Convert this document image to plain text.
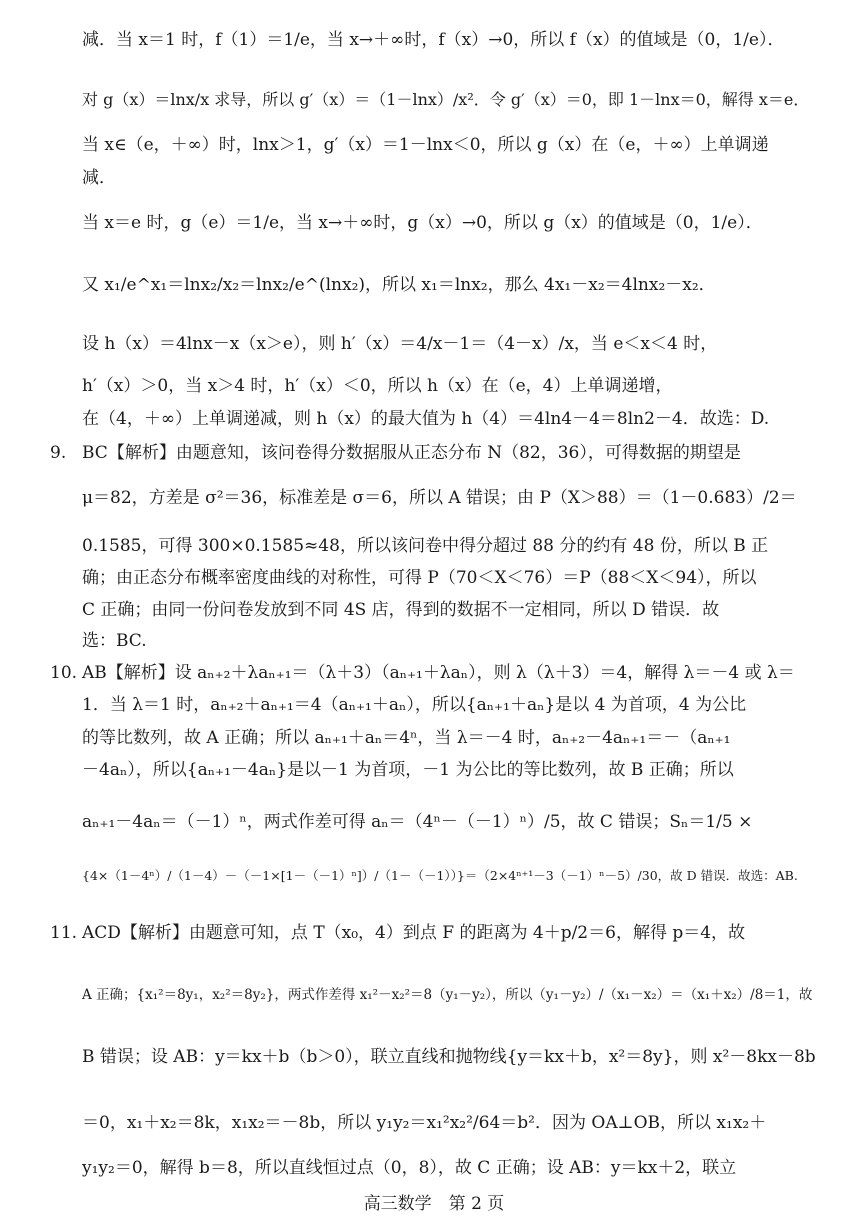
减．当 x＝1 时，f（1）＝1/e，当 x→＋∞时，f（x）→0，所以 f（x）的值域是（0，1/e）．
对 g（x）＝lnx/x 求导，所以 g′（x）＝（1－lnx）/x²．令 g′（x）＝0，即 1－lnx＝0，解得 x＝e．
当 x∈（e，＋∞）时，lnx＞1，g′（x）＝1－lnx＜0，所以 g（x）在（e，＋∞）上单调递
减．
当 x＝e 时，g（e）＝1/e，当 x→＋∞时，g（x）→0，所以 g（x）的值域是（0，1/e）．
又 x₁/e^x₁＝lnx₂/x₂＝lnx₂/e^(lnx₂)，所以 x₁＝lnx₂，那么 4x₁－x₂＝4lnx₂－x₂．
设 h（x）＝4lnx－x（x＞e），则 h′（x）＝4/x－1＝（4－x）/x，当 e＜x＜4 时，
h′（x）＞0，当 x＞4 时，h′（x）＜0，所以 h（x）在（e，4）上单调递增，
在（4，＋∞）上单调递减，则 h（x）的最大值为 h（4）＝4ln4－4＝8ln2－4．故选：D.
9. BC【解析】由题意知，该问卷得分数据服从正态分布 N（82，36），可得数据的期望是
μ＝82，方差是 σ²＝36，标准差是 σ＝6，所以 A 错误；由 P（X＞88）＝（1－0.683）/2＝
0.1585，可得 300×0.1585≈48，所以该问卷中得分超过 88 分的约有 48 份，所以 B 正
确；由正态分布概率密度曲线的对称性，可得 P（70＜X＜76）＝P（88＜X＜94），所以
C 正确；由同一份问卷发放到不同 4S 店，得到的数据不一定相同，所以 D 错误．故
选：BC.
10. AB【解析】设 aₙ₊₂＋λaₙ₊₁＝（λ＋3）（aₙ₊₁＋λaₙ），则 λ（λ＋3）＝4，解得 λ＝－4 或 λ＝
1．当 λ＝1 时，aₙ₊₂＋aₙ₊₁＝4（aₙ₊₁＋aₙ），所以{aₙ₊₁＋aₙ}是以 4 为首项，4 为公比
的等比数列，故 A 正确；所以 aₙ₊₁＋aₙ＝4ⁿ，当 λ＝－4 时，aₙ₊₂－4aₙ₊₁＝－（aₙ₊₁
－4aₙ），所以{aₙ₊₁－4aₙ}是以－1 为首项，－1 为公比的等比数列，故 B 正确；所以
aₙ₊₁－4aₙ＝（－1）ⁿ，两式作差可得 aₙ＝（4ⁿ－（－1）ⁿ）/5，故 C 错误；Sₙ＝1/5 ×
{4×（1－4ⁿ）/（1－4）－（－1×[1－（－1）ⁿ]）/（1－（－1））}＝（2×4ⁿ⁺¹－3（－1）ⁿ－5）/30，故 D 错误．故选：AB.
11. ACD【解析】由题意可知，点 T（x₀，4）到点 F 的距离为 4＋p/2＝6，解得 p＝4，故
A 正确；{x₁²＝8y₁，x₂²＝8y₂}，两式作差得 x₁²－x₂²＝8（y₁－y₂），所以（y₁－y₂）/（x₁－x₂）＝（x₁＋x₂）/8＝1，故
B 错误；设 AB：y＝kx＋b（b＞0），联立直线和抛物线{y＝kx＋b，x²＝8y}，则 x²－8kx－8b
＝0，x₁＋x₂＝8k，x₁x₂＝－8b，所以 y₁y₂＝x₁²x₂²/64＝b²．因为 OA⊥OB，所以 x₁x₂＋
y₁y₂＝0，解得 b＝8，所以直线恒过点（0，8），故 C 正确；设 AB：y＝kx＋2，联立
高三数学　第 2 页
